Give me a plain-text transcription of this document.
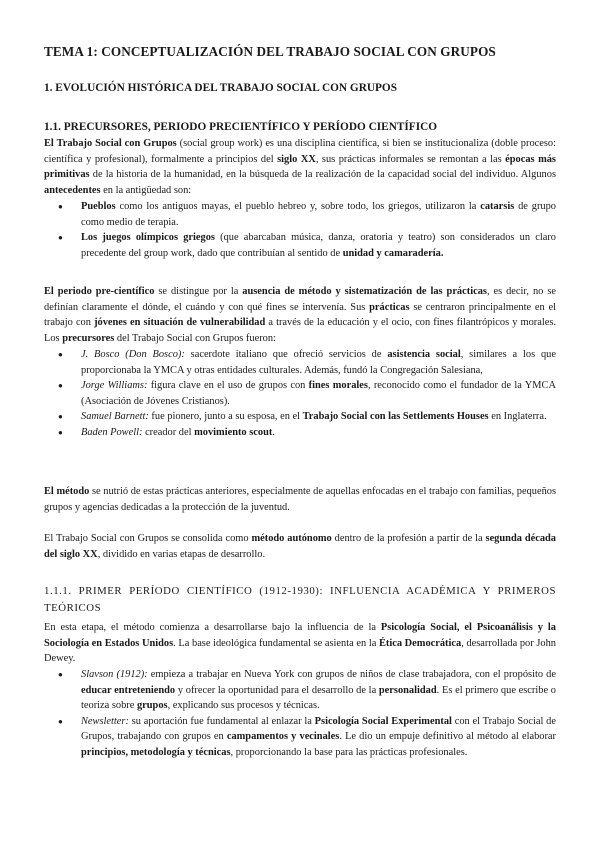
TEMA 1: CONCEPTUALIZACIÓN DEL TRABAJO SOCIAL CON GRUPOS
1. EVOLUCIÓN HISTÓRICA DEL TRABAJO SOCIAL CON GRUPOS
1.1. PRECURSORES, PERIODO PRECIENTÍFICO Y PERÍODO CIENTÍFICO

El Trabajo Social con Grupos (social group work) es una disciplina científica, si bien se institucionaliza (doble proceso: científica y profesional), formalmente a principios del siglo XX, sus prácticas informales se remontan a las épocas más primitivas de la historia de la humanidad, en la búsqueda de la realización de la capacidad social del individuo. Algunos antecedentes en la antigüedad son:

● Pueblos como los antiguos mayas, el pueblo hebreo y, sobre todo, los griegos, utilizaron la catarsis de grupo como medio de terapia.
● Los juegos olímpicos griegos (que abarcaban música, danza, oratoria y teatro) son considerados un claro precedente del group work, dado que contribuían al sentido de unidad y camaradería.

El periodo pre-científico se distingue por la ausencia de método y sistematización de las prácticas, es decir, no se definían claramente el dónde, el cuándo y con qué fines se intervenía. Sus prácticas se centraron principalmente en el trabajo con jóvenes en situación de vulnerabilidad a través de la educación y el ocio, con fines filantrópicos y morales. Los precursores del Trabajo Social con Grupos fueron:

● J. Bosco (Don Bosco): sacerdote italiano que ofreció servicios de asistencia social, similares a los que proporcionaba la YMCA y otras entidades culturales. Además, fundó la Congregación Salesiana,
● Jorge Williams: figura clave en el uso de grupos con fines morales, reconocido como el fundador de la YMCA (Asociación de Jóvenes Cristianos).
● Samuel Barnett: fue pionero, junto a su esposa, en el Trabajo Social con las Settlements Houses en Inglaterra.
● Baden Powell: creador del movimiento scout.

El método se nutrió de estas prácticas anteriores, especialmente de aquellas enfocadas en el trabajo con familias, pequeños grupos y agencias dedicadas a la protección de la juventud.

El Trabajo Social con Grupos se consolida como método autónomo dentro de la profesión a partir de la segunda década del siglo XX, dividido en varias etapas de desarrollo.

1.1.1. PRIMER PERÍODO CIENTÍFICO (1912-1930): INFLUENCIA ACADÉMICA Y PRIMEROS TEÓRICOS

En esta etapa, el método comienza a desarrollarse bajo la influencia de la Psicología Social, el Psicoanálisis y la Sociología en Estados Unidos. La base ideológica fundamental se asienta en la Ética Democrática, desarrollada por John Dewey.

● Slavson (1912): empieza a trabajar en Nueva York con grupos de niños de clase trabajadora, con el propósito de educar entreteniendo y ofrecer la oportunidad para el desarrollo de la personalidad. Es el primero que escribe o teoriza sobre grupos, explicando sus procesos y técnicas.
● Newsletter: su aportación fue fundamental al enlazar la Psicología Social Experimental con el Trabajo Social de Grupos, trabajando con grupos en campamentos y vecinales. Le dio un empuje definitivo al método al elaborar principios, metodología y técnicas, proporcionando la base para las prácticas profesionales.
